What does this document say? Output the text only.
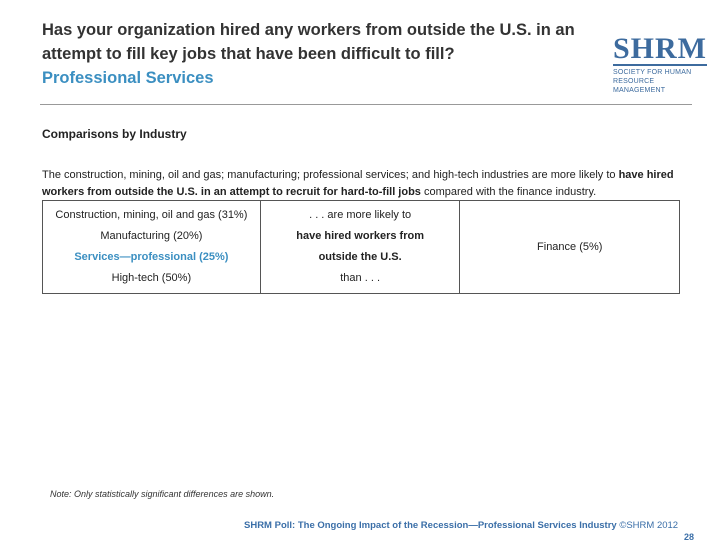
Has your organization hired any workers from outside the U.S. in an
attempt to fill key jobs that have been difficult to fill?
Professional Services
SHRM
SOCIETY FOR HUMAN
RESOURCE MANAGEMENT
Comparisons by Industry
The construction, mining, oil and gas; manufacturing; professional services; and high-tech industries are more likely to have hired workers from outside the U.S. in an attempt to recruit for hard-to-fill jobs compared with the finance industry.
Construction, mining, oil and gas (31%)
Manufacturing (20%)
Services—professional (25%)
High-tech (50%)

. . . are more likely to
have hired workers from
outside the U.S.
than . . .

Finance (5%)
Note: Only statistically significant differences are shown.
SHRM Poll: The Ongoing Impact of the Recession—Professional Services Industry ©SHRM 2012
28
